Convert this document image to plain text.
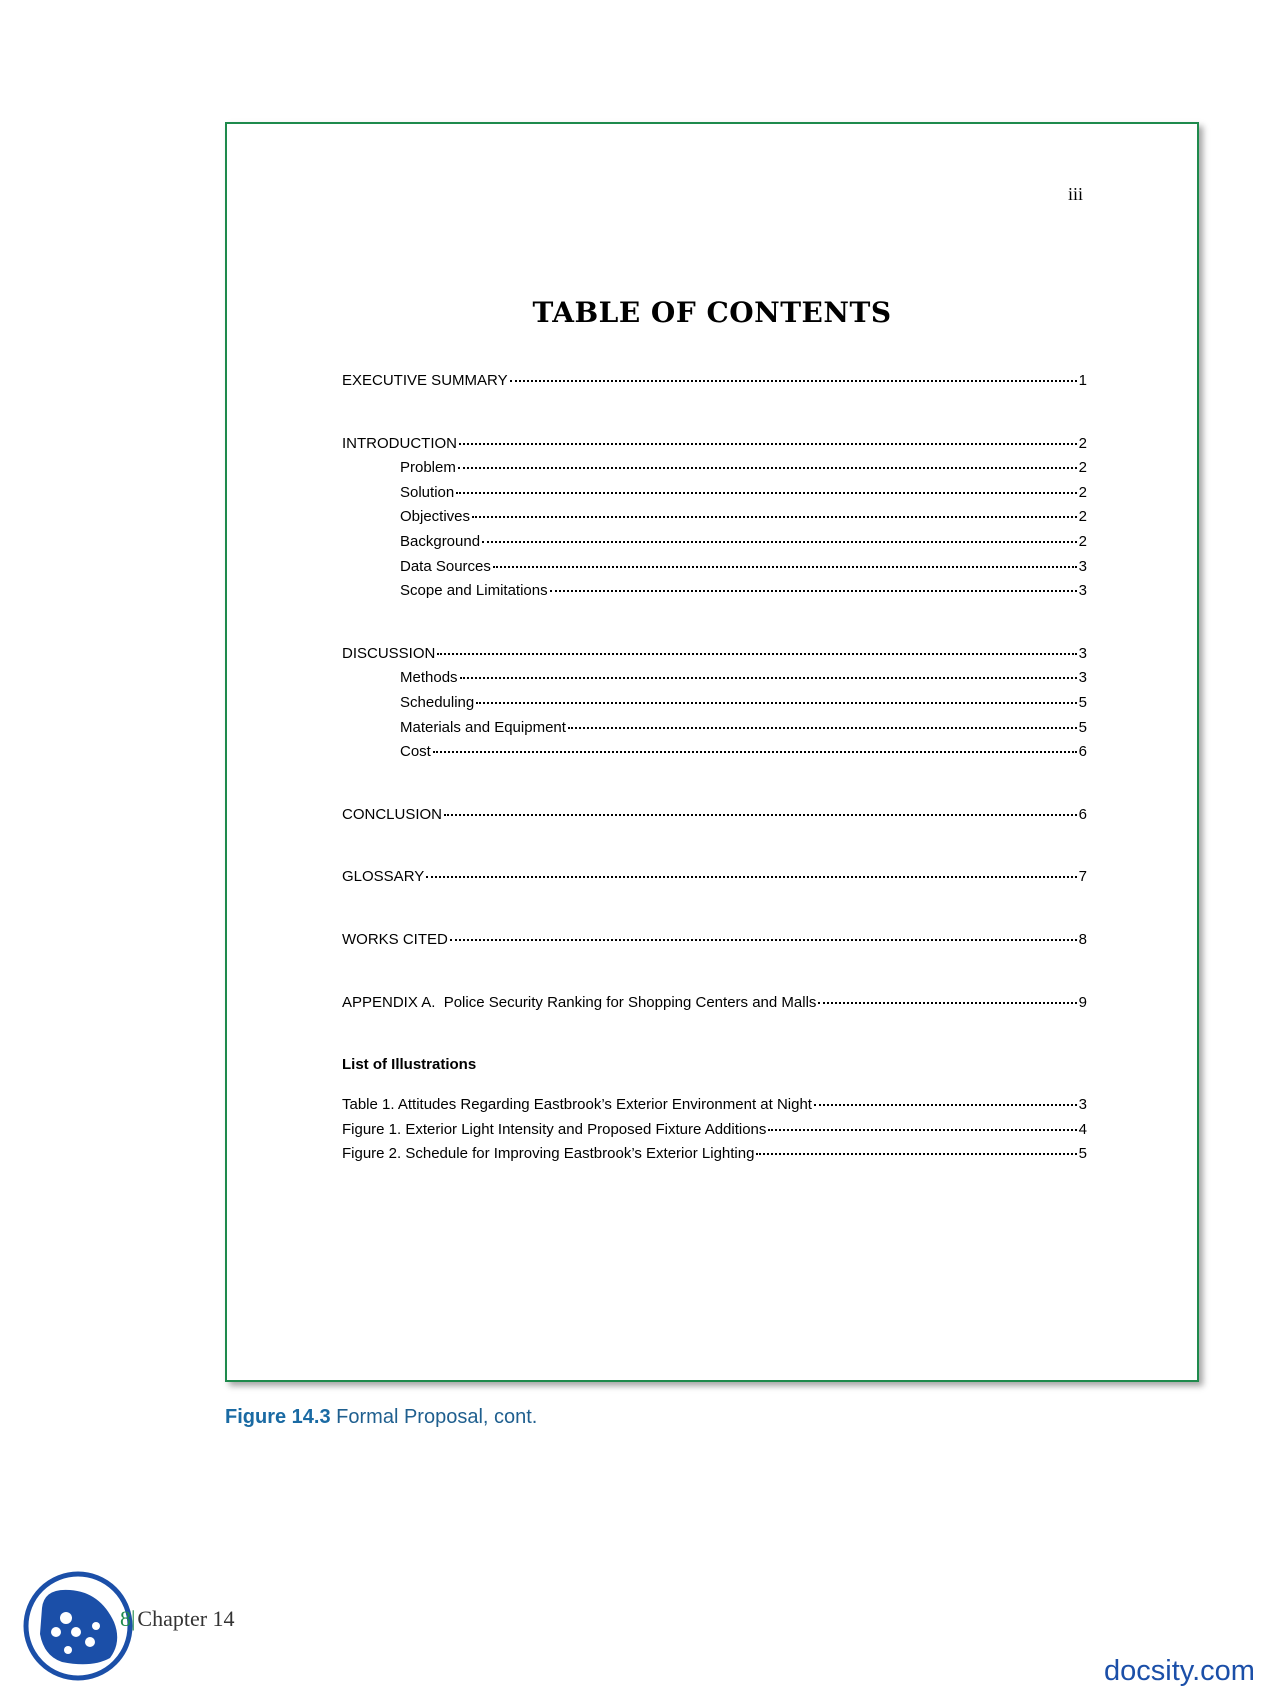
iii
TABLE OF CONTENTS
EXECUTIVE SUMMARY	1
INTRODUCTION	2
Problem	2
Solution	2
Objectives	2
Background	2
Data Sources	3
Scope and Limitations	3
DISCUSSION	3
Methods	3
Scheduling	5
Materials and Equipment	5
Cost	6
CONCLUSION	6
GLOSSARY	7
WORKS CITED	8
APPENDIX A.  Police Security Ranking for Shopping Centers and Malls	9
List of Illustrations
Table 1. Attitudes Regarding Eastbrook’s Exterior Environment at Night	3
Figure 1. Exterior Light Intensity and Proposed Fixture Additions	4
Figure 2. Schedule for Improving Eastbrook’s Exterior Lighting	5
Figure 14.3 Formal Proposal, cont.
8|Chapter 14
docsity.com
